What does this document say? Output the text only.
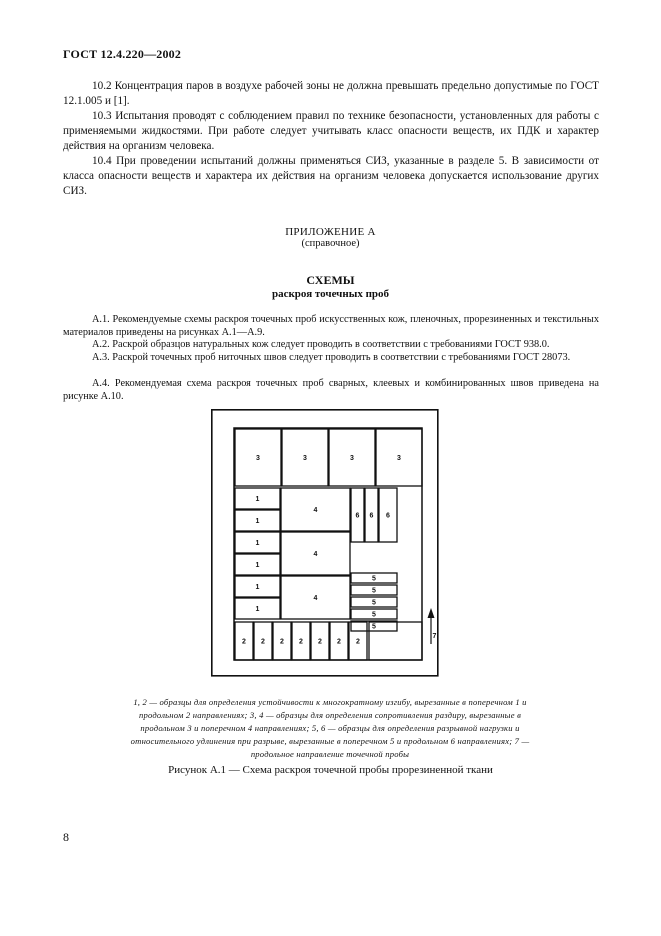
ГОСТ 12.4.220—2002
10.2 Концентрация паров в воздухе рабочей зоны не должна превышать предельно допустимые по ГОСТ 12.1.005 и [1].
10.3 Испытания проводят с соблюдением правил по технике безопасности, установленных для работы с применяемыми жидкостями. При работе следует учитывать класс опасности веществ, их ПДК и характер действия на организм человека.
10.4 При проведении испытаний должны применяться СИЗ, указанные в разделе 5. В зависимости от класса опасности веществ и характера их действия на организм человека допускается использование других СИЗ.
ПРИЛОЖЕНИЕ А
(справочное)
СХЕМЫ
раскроя точечных проб
А.1. Рекомендуемые схемы раскроя точечных проб искусственных кож, пленочных, прорезиненных и текстильных материалов приведены на рисунках А.1—А.9.
А.2. Раскрой образцов натуральных кож следует проводить в соответствии с требованиями ГОСТ 938.0.
А.3. Раскрой точечных проб ниточных швов следует проводить в соответствии с требованиями ГОСТ 28073.
А.4. Рекомендуемая схема раскроя точечных проб сварных, клеевых и комбинированных швов приведена на рисунке А.10.
3	3	3	3
1
1
1
1
1
1
4
4
4
6 6 6
5
5
5
5
5
2 2 2 2 2 2 2
7
1, 2 — образцы для определения устойчивости к многократному изгибу, вырезанные в поперечном 1 и продольном 2 направлениях; 3, 4 — образцы для определения сопротивления раздиру, вырезанные в продольном 3 и поперечном 4 направлениях; 5, 6 — образцы для определения разрывной нагрузки и относительного удлинения при разрыве, вырезанные в поперечном 5 и продольном 6 направлениях; 7 — продольное направление точечной пробы
Рисунок А.1 — Схема раскроя точечной пробы прорезиненной ткани
8
